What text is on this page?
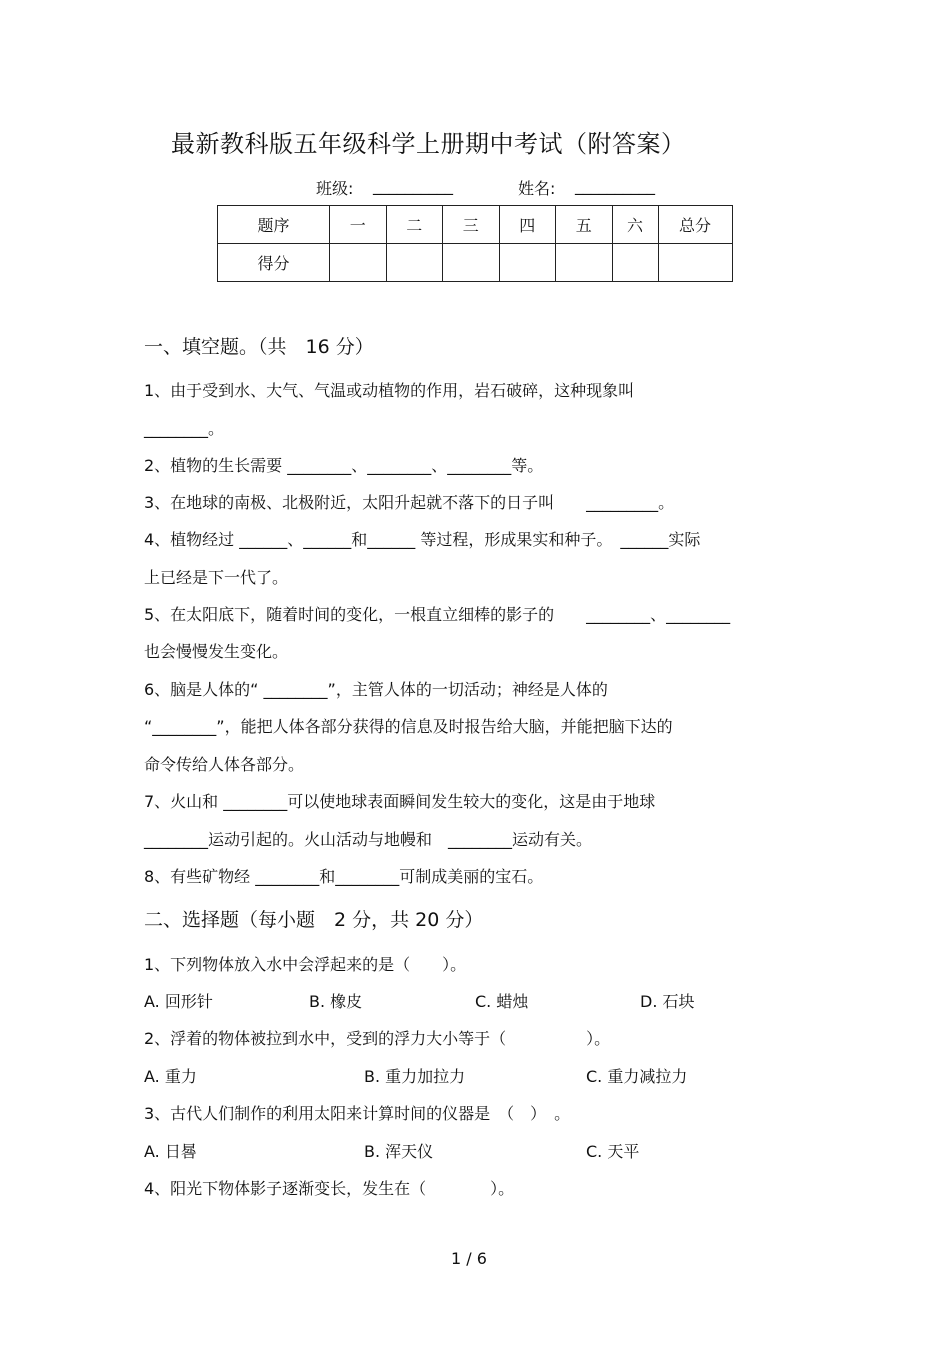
最新教科版五年级科学上册期中考试（附答案）
班级: __________	姓名: __________
题序	一	二	三	四	五	六	总分
得分							
一、填空题。（共　16 分）
1、由于受到水、大气、气温或动植物的作用，岩石破碎，这种现象叫
________。
2、植物的生长需要 ________、________、________等。
3、在地球的南极、北极附近，太阳升起就不落下的日子叫　　_________。
4、植物经过 ______、______和______ 等过程，形成果实和种子。　______实际
上已经是下一代了。
5、在太阳底下，随着时间的变化，一根直立细棒的影子的　　________、________
也会慢慢发生变化。
6、脑是人体的“ ________”，主管人体的一切活动；神经是人体的
“________”，能把人体各部分获得的信息及时报告给大脑，并能把脑下达的
命令传给人体各部分。
7、火山和 ________可以使地球表面瞬间发生较大的变化，这是由于地球
________运动引起的。火山活动与地幔和　________运动有关。
8、有些矿物经 ________和________可制成美丽的宝石。
二、选择题（每小题　2 分，共 20 分）
1、下列物体放入水中会浮起来的是（　　）。
A. 回形针	B. 橡皮	C. 蜡烛	D. 石块
2、浮着的物体被拉到水中，受到的浮力大小等于（　　　　　）。
A. 重力	B. 重力加拉力	C. 重力减拉力
3、古代人们制作的利用太阳来计算时间的仪器是　（　）　。
A. 日晷	B. 浑天仪	C. 天平
4、阳光下物体影子逐渐变长，发生在（　　　　）。
1 / 6
